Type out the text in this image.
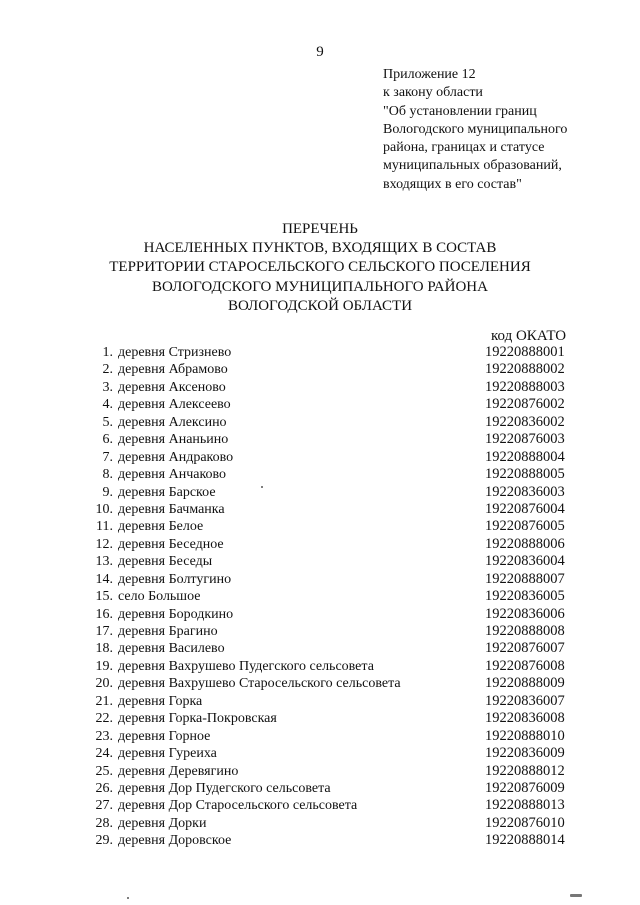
9
Приложение 12
к закону области
"Об установлении границ
Вологодского муниципального
района, границах и статусе
муниципальных образований,
входящих в его состав"
ПЕРЕЧЕНЬ
НАСЕЛЕННЫХ ПУНКТОВ, ВХОДЯЩИХ В СОСТАВ
ТЕРРИТОРИИ СТАРОСЕЛЬСКОГО СЕЛЬСКОГО ПОСЕЛЕНИЯ
ВОЛОГОДСКОГО МУНИЦИПАЛЬНОГО РАЙОНА
ВОЛОГОДСКОЙ ОБЛАСТИ
код ОКАТО
1. деревня Стризнево	19220888001
2. деревня Абрамово	19220888002
3. деревня Аксеново	19220888003
4. деревня Алексеево	19220876002
5. деревня Алексино	19220836002
6. деревня Ананьино	19220876003
7. деревня Андраково	19220888004
8. деревня Анчаково	19220888005
9. деревня Барское	19220836003
10. деревня Бачманка	19220876004
11. деревня Белое	19220876005
12. деревня Беседное	19220888006
13. деревня Беседы	19220836004
14. деревня Болтугино	19220888007
15. село Большое	19220836005
16. деревня Бородкино	19220836006
17. деревня Брагино	19220888008
18. деревня Василево	19220876007
19. деревня Вахрушево Пудегского сельсовета	19220876008
20. деревня Вахрушево Старосельского сельсовета	19220888009
21. деревня Горка	19220836007
22. деревня Горка-Покровская	19220836008
23. деревня Горное	19220888010
24. деревня Гуреиха	19220836009
25. деревня Деревягино	19220888012
26. деревня Дор Пудегского сельсовета	19220876009
27. деревня Дор Старосельского сельсовета	19220888013
28. деревня Дорки	19220876010
29. деревня Доровское	19220888014
